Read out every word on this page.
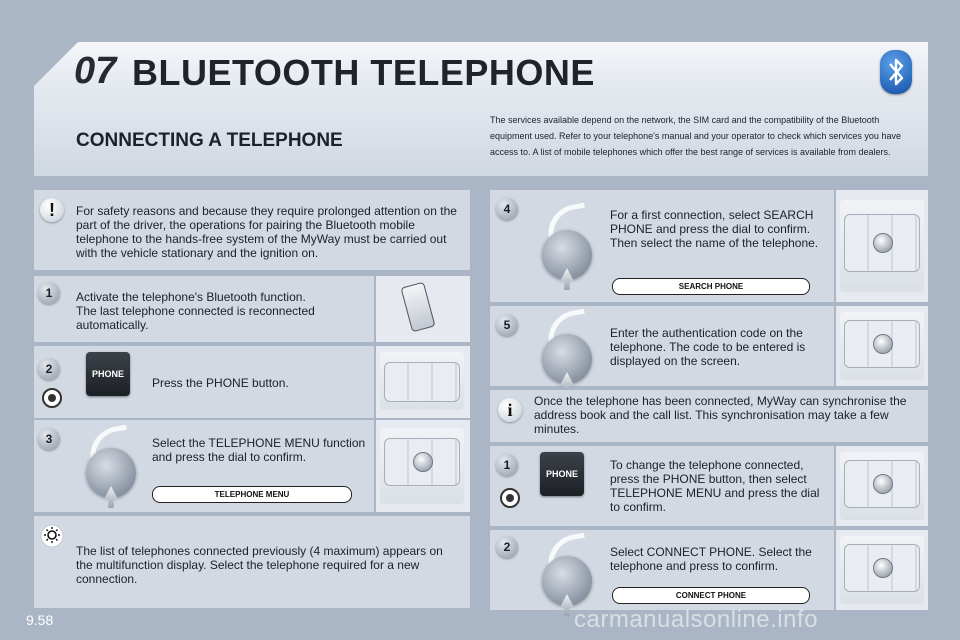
07 BLUETOOTH TELEPHONE
CONNECTING A TELEPHONE
The services available depend on the network, the SIM card and the compatibility of the Bluetooth equipment used. Refer to your telephone's manual and your operator to check which services you have access to. A list of mobile telephones which offer the best range of services is available from dealers.
!	For safety reasons and because they require prolonged attention on the part of the driver, the operations for pairing the Bluetooth mobile telephone to the hands-free system of the MyWay must be carried out with the vehicle stationary and the ignition on.
1	Activate the telephone's Bluetooth function.
The last telephone connected is reconnected automatically.
2	PHONE
Press the PHONE button.
3	Select the TELEPHONE MENU function and press the dial to confirm.
TELEPHONE MENU
The list of telephones connected previously (4 maximum) appears on the multifunction display. Select the telephone required for a new connection.
4	For a first connection, select SEARCH PHONE and press the dial to confirm. Then select the name of the telephone.
SEARCH PHONE
5
Enter the authentication code on the telephone. The code to be entered is displayed on the screen.
i	Once the telephone has been connected, MyWay can synchronise the address book and the call list. This synchronisation may take a few minutes.
1
PHONE
To change the telephone connected, press the PHONE button, then select TELEPHONE MENU and press the dial to confirm.
2	Select CONNECT PHONE. Select the telephone and press to confirm.
CONNECT PHONE
9.58	carmanualsonline.info
